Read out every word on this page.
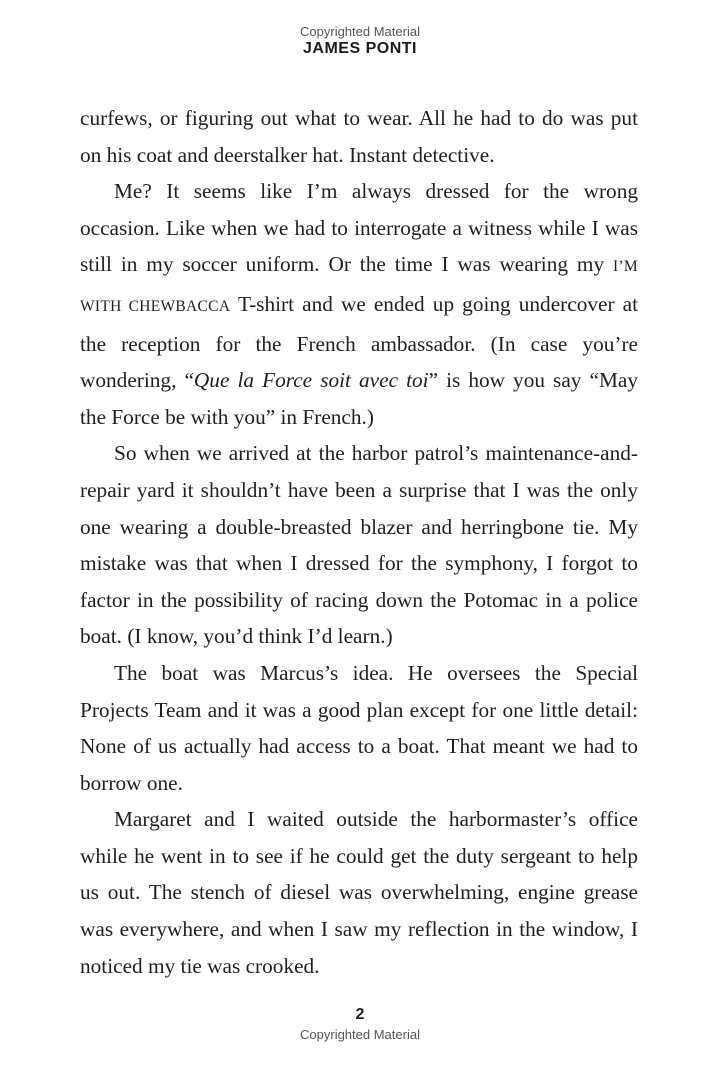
Copyrighted Material
JAMES PONTI

curfews, or figuring out what to wear. All he had to do was put on his coat and deerstalker hat. Instant detective.

Me? It seems like I’m always dressed for the wrong occasion. Like when we had to interrogate a witness while I was still in my soccer uniform. Or the time I was wearing my I’M WITH CHEWBACCA T-shirt and we ended up going undercover at the reception for the French ambassador. (In case you’re wondering, “Que la Force soit avec toi” is how you say “May the Force be with you” in French.)

So when we arrived at the harbor patrol’s maintenance-and-repair yard it shouldn’t have been a surprise that I was the only one wearing a double-breasted blazer and herringbone tie. My mistake was that when I dressed for the symphony, I forgot to factor in the possibility of racing down the Potomac in a police boat. (I know, you’d think I’d learn.)

The boat was Marcus’s idea. He oversees the Special Projects Team and it was a good plan except for one little detail: None of us actually had access to a boat. That meant we had to borrow one.

Margaret and I waited outside the harbormaster’s office while he went in to see if he could get the duty sergeant to help us out. The stench of diesel was overwhelming, engine grease was everywhere, and when I saw my reflection in the window, I noticed my tie was crooked.

2
Copyrighted Material
